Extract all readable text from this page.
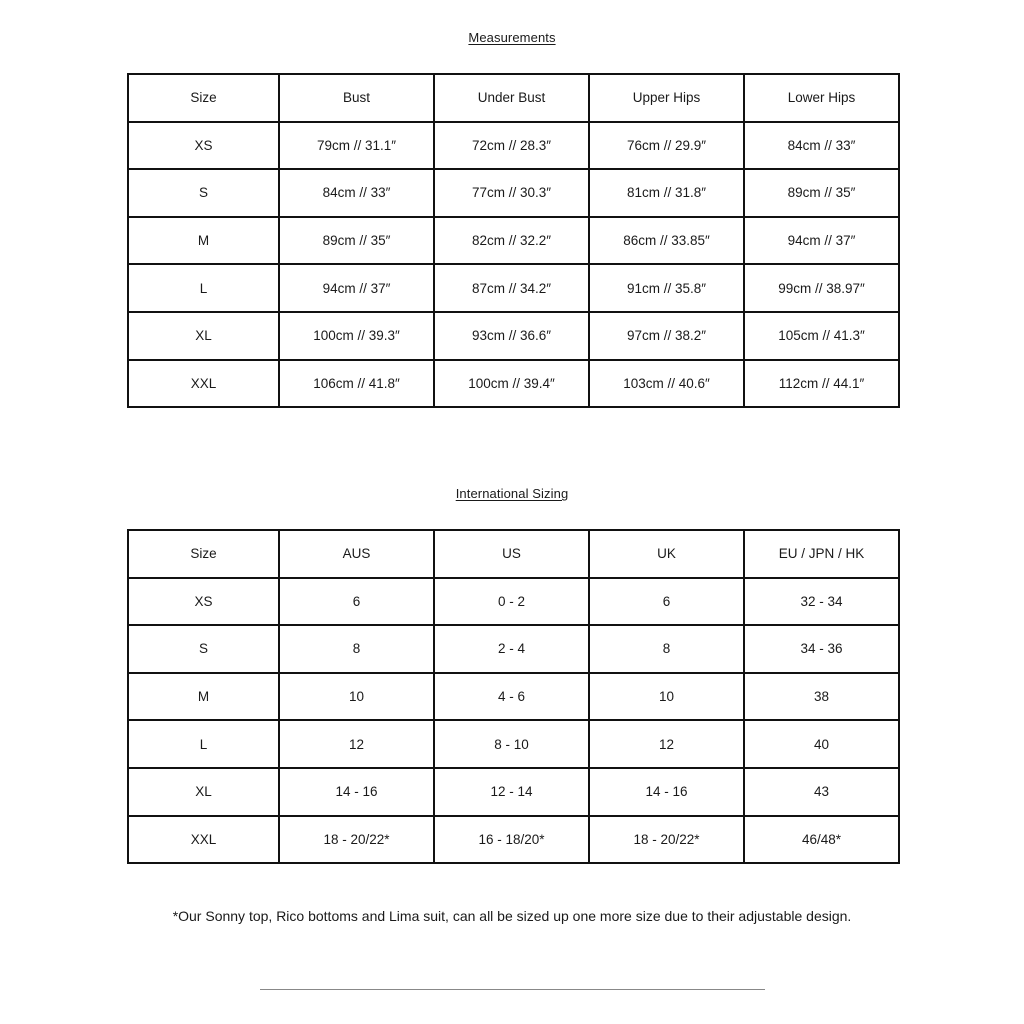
Measurements
Size	Bust	Under Bust	Upper Hips	Lower Hips
XS	79cm // 31.1″	72cm // 28.3″	76cm // 29.9″	84cm // 33″
S	84cm // 33″	77cm // 30.3″	81cm // 31.8″	89cm // 35″
M	89cm // 35″	82cm // 32.2″	86cm // 33.85″	94cm // 37″
L	94cm // 37″	87cm // 34.2″	91cm // 35.8″	99cm // 38.97″
XL	100cm // 39.3″	93cm // 36.6″	97cm // 38.2″	105cm // 41.3″
XXL	106cm // 41.8″	100cm // 39.4″	103cm // 40.6″	112cm // 44.1″
International Sizing
Size	AUS	US	UK	EU / JPN / HK
XS	6	0 - 2	6	32 - 34
S	8	2 - 4	8	34 - 36
M	10	4 - 6	10	38
L	12	8 - 10	12	40
XL	14 - 16	12 - 14	14 - 16	43
XXL	18 - 20/22*	16 - 18/20*	18 - 20/22*	46/48*
*Our Sonny top, Rico bottoms and Lima suit, can all be sized up one more size due to their adjustable design.
